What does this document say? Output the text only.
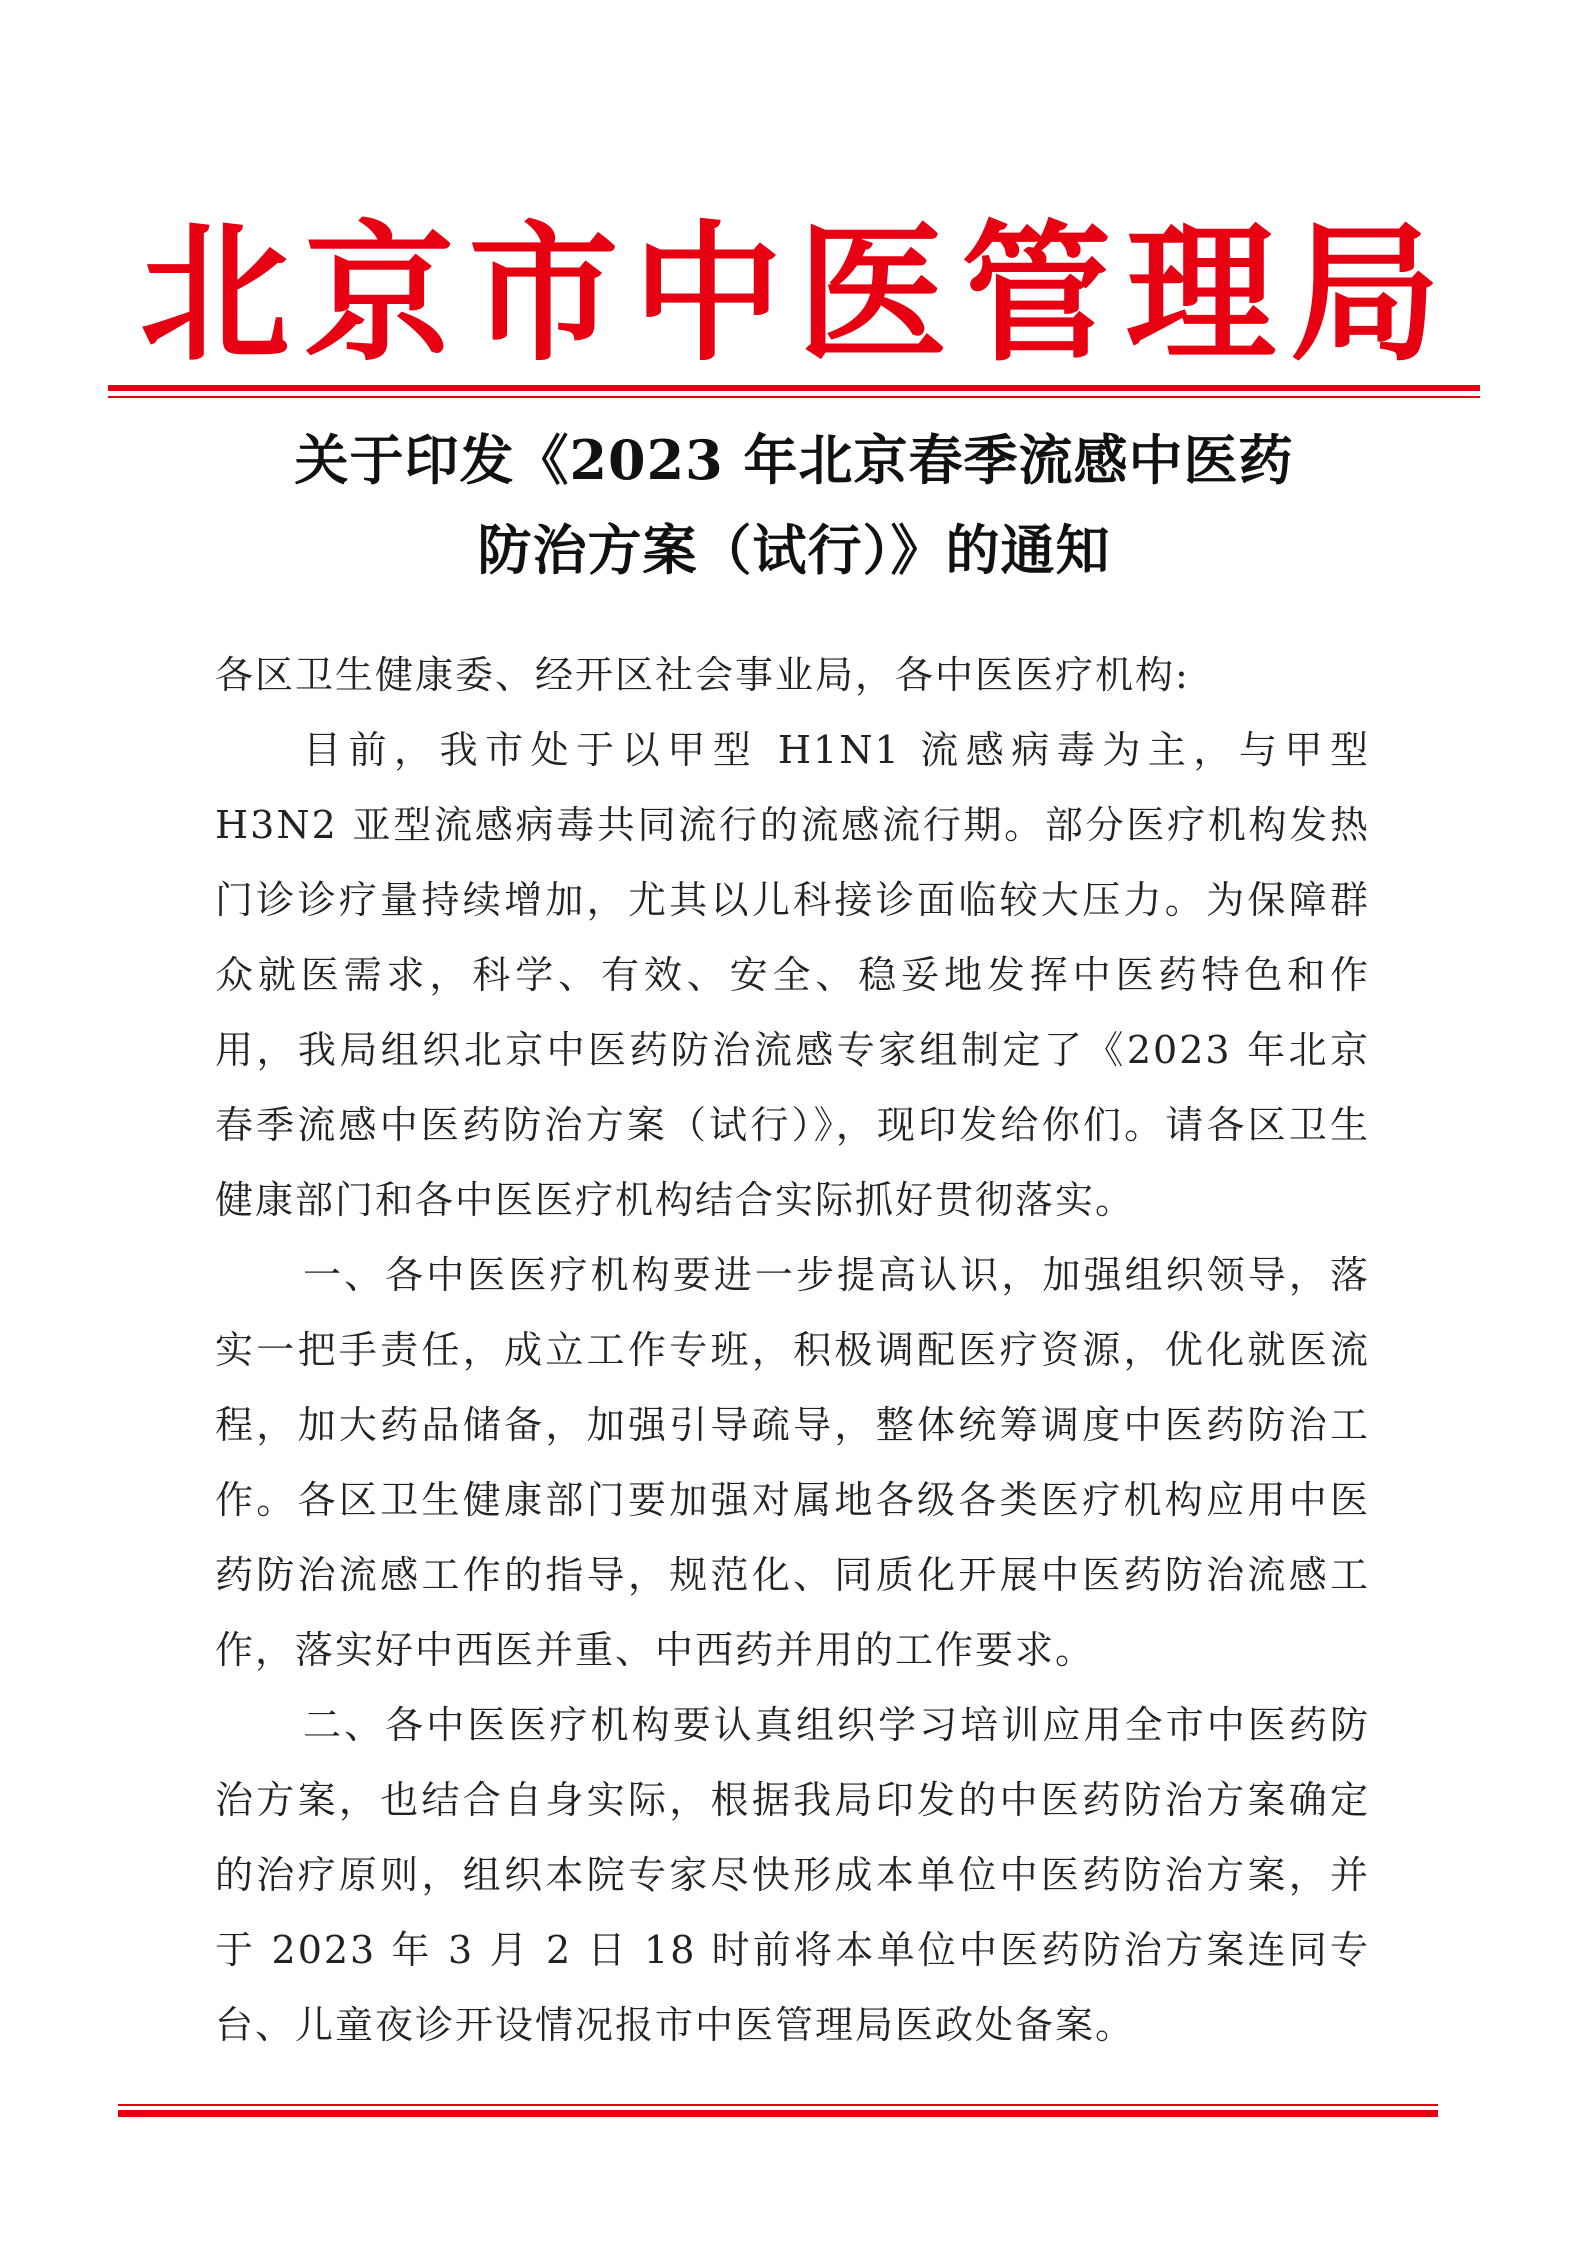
北 京 市 中 医 管 理 局
关于印发《2023 年北京春季流感中医药
防治方案（试行）》的通知

各区卫生健康委、经开区社会事业局，各中医医疗机构:

目前，我市处于以甲型 H1N1 流感病毒为主，与甲型 H3N2 亚型流感病毒共同流行的流感流行期。部分医疗机构发热门诊诊疗量持续增加，尤其以儿科接诊面临较大压力。为保障群众就医需求，科学、有效、安全、稳妥地发挥中医药特色和作用，我局组织北京中医药防治流感专家组制定了《2023 年北京春季流感中医药防治方案（试行）》，现印发给你们。请各区卫生健康部门和各中医医疗机构结合实际抓好贯彻落实。

一、各中医医疗机构要进一步提高认识，加强组织领导，落实一把手责任，成立工作专班，积极调配医疗资源，优化就医流程，加大药品储备，加强引导疏导，整体统筹调度中医药防治工作。各区卫生健康部门要加强对属地各级各类医疗机构应用中医药防治流感工作的指导，规范化、同质化开展中医药防治流感工作，落实好中西医并重、中西药并用的工作要求。

二、各中医医疗机构要认真组织学习培训应用全市中医药防治方案，也结合自身实际，根据我局印发的中医药防治方案确定的治疗原则，组织本院专家尽快形成本单位中医药防治方案，并于 2023 年 3 月 2 日 18 时前将本单位中医药防治方案连同专台、儿童夜诊开设情况报市中医管理局医政处备案。
